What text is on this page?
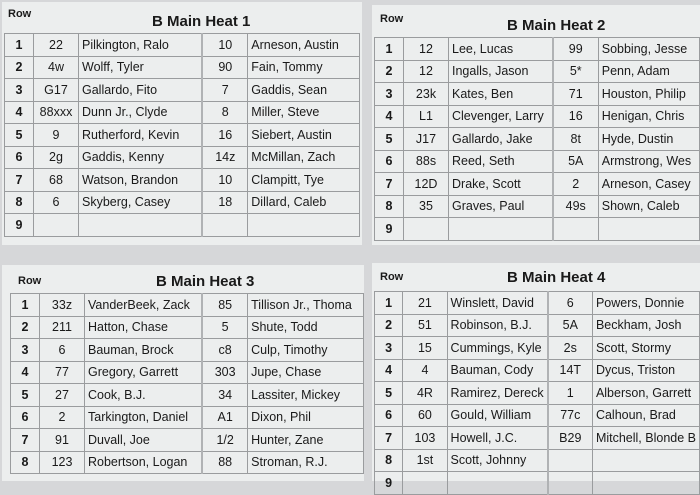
Row	B Main Heat 1
1	22	Pilkington, Ralo	10	Arneson, Austin
2	4w	Wolff, Tyler	90	Fain, Tommy
3	G17	Gallardo, Fito	7	Gaddis, Sean
4	88xxx	Dunn Jr., Clyde	8	Miller, Steve
5	9	Rutherford, Kevin	16	Siebert, Austin
6	2g	Gaddis, Kenny	14z	McMillan, Zach
7	68	Watson, Brandon	10	Clampitt, Tye
8	6	Skyberg, Casey	18	Dillard, Caleb
9				
Row	B Main Heat 2
1	12	Lee, Lucas	99	Sobbing, Jesse
2	12	Ingalls, Jason	5*	Penn, Adam
3	23k	Kates, Ben	71	Houston, Philip
4	L1	Clevenger, Larry	16	Henigan, Chris
5	J17	Gallardo, Jake	8t	Hyde, Dustin
6	88s	Reed, Seth	5A	Armstrong, Wes
7	12D	Drake, Scott	2	Arneson, Casey
8	35	Graves, Paul	49s	Shown, Caleb
9				
Row	B Main Heat 3
1	33z	VanderBeek, Zack	85	Tillison Jr., Thoma
2	211	Hatton, Chase	5	Shute, Todd
3	6	Bauman, Brock	c8	Culp, Timothy
4	77	Gregory, Garrett	303	Jupe, Chase
5	27	Cook, B.J.	34	Lassiter, Mickey
6	2	Tarkington, Daniel	A1	Dixon, Phil
7	91	Duvall, Joe	1/2	Hunter, Zane
8	123	Robertson, Logan	88	Stroman, R.J.
Row	B Main Heat 4
1	21	Winslett, David	6	Powers, Donnie
2	51	Robinson, B.J.	5A	Beckham, Josh
3	15	Cummings, Kyle	2s	Scott, Stormy
4	4	Bauman, Cody	14T	Dycus, Triston
5	4R	Ramirez, Dereck	1	Alberson, Garrett
6	60	Gould, William	77c	Calhoun, Brad
7	103	Howell, J.C.	B29	Mitchell, Blonde B
8	1st	Scott, Johnny		
9				
